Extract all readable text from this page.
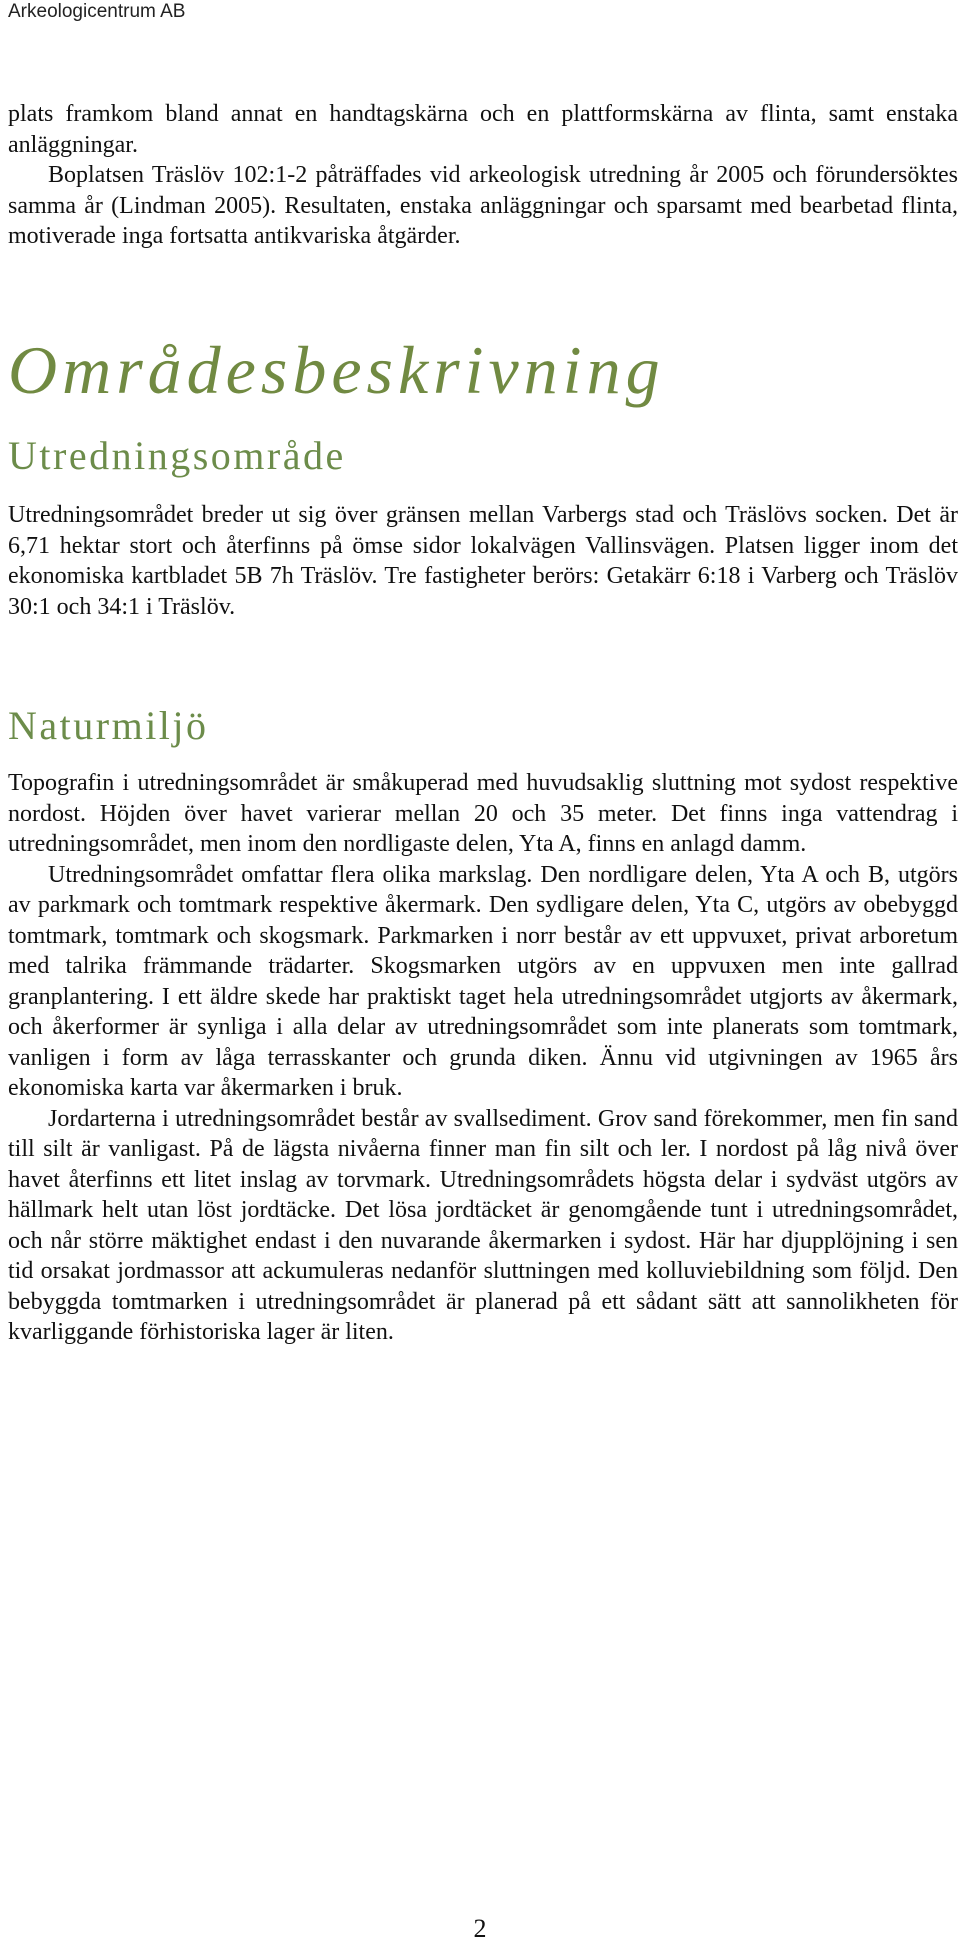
Arkeologicentrum AB

plats framkom bland annat en handtagskärna och en plattformskärna av flinta, samt enstaka anläggningar.

Boplatsen Träslöv 102:1-2 påträffades vid arkeologisk utredning år 2005 och förundersöktes samma år (Lindman 2005). Resultaten, enstaka anläggningar och sparsamt med bearbetad flinta, motiverade inga fortsatta antikvariska åtgärder.

Områdesbeskrivning
Utredningsområde

Utredningsområdet breder ut sig över gränsen mellan Varbergs stad och Träslövs socken. Det är 6,71 hektar stort och återfinns på ömse sidor lokalvägen Vallinsvägen. Platsen ligger inom det ekonomiska kartbladet 5B 7h Träslöv. Tre fastigheter berörs: Getakärr 6:18 i Varberg och Träslöv 30:1 och 34:1 i Träslöv.

Naturmiljö

Topografin i utredningsområdet är småkuperad med huvudsaklig sluttning mot sydost respektive nordost. Höjden över havet varierar mellan 20 och 35 meter. Det finns inga vattendrag i utredningsområdet, men inom den nordligaste delen, Yta A, finns en anlagd damm.

Utredningsområdet omfattar flera olika markslag. Den nordligare delen, Yta A och B, utgörs av parkmark och tomtmark respektive åkermark. Den sydligare delen, Yta C, utgörs av obebyggd tomtmark, tomtmark och skogsmark. Parkmarken i norr består av ett uppvuxet, privat arboretum med talrika främmande trädarter. Skogsmarken utgörs av en uppvuxen men inte gallrad granplantering. I ett äldre skede har praktiskt taget hela utredningsområdet utgjorts av åkermark, och åkerformer är synliga i alla delar av utredningsområdet som inte planerats som tomtmark, vanligen i form av låga terrasskanter och grunda diken. Ännu vid utgivningen av 1965 års ekonomiska karta var åkermarken i bruk.

Jordarterna i utredningsområdet består av svallsediment. Grov sand förekommer, men fin sand till silt är vanligast. På de lägsta nivåerna finner man fin silt och ler. I nordost på låg nivå över havet återfinns ett litet inslag av torvmark. Utredningsområdets högsta delar i sydväst utgörs av hällmark helt utan löst jordtäcke. Det lösa jordtäcket är genomgående tunt i utredningsområdet, och når större mäktighet endast i den nuvarande åkermarken i sydost. Här har djupplöjning i sen tid orsakat jordmassor att ackumuleras nedanför sluttningen med kolluviebildning som följd. Den bebyggda tomtmarken i utredningsområdet är planerad på ett sådant sätt att sannolikheten för kvarliggande förhistoriska lager är liten.

2
